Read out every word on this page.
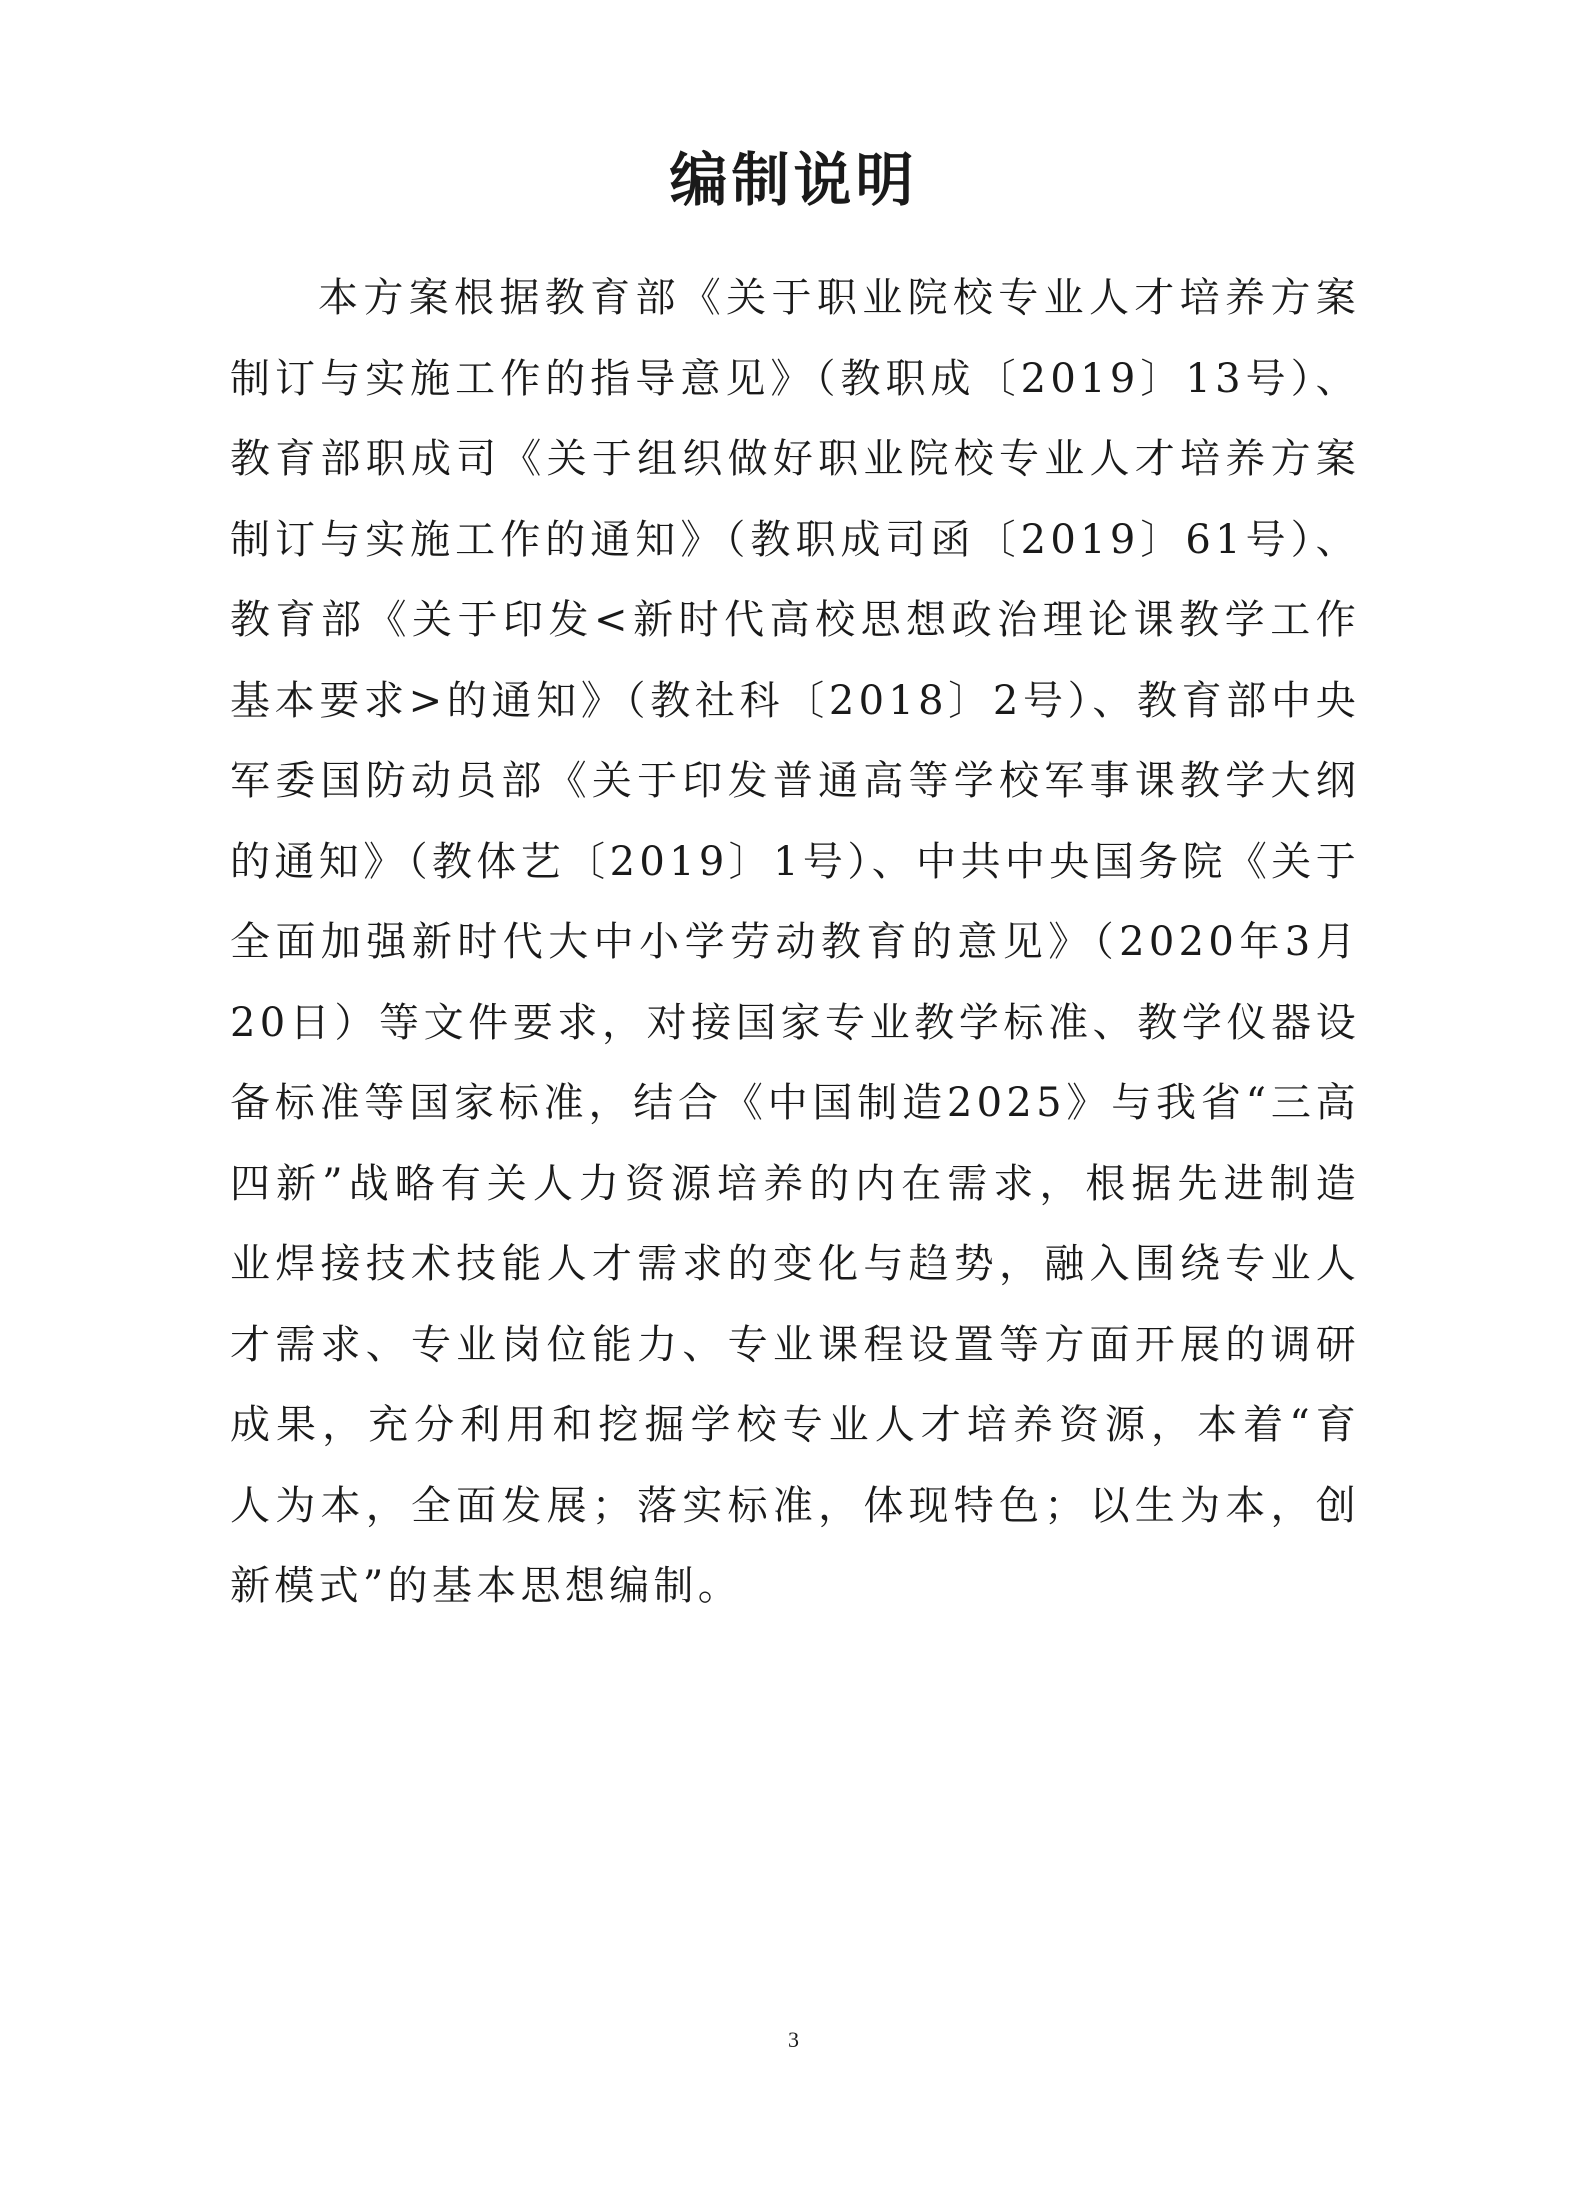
编制说明

本方案根据教育部《关于职业院校专业人才培养方案制订与实施工作的指导意见》（教职成〔2019〕13号）、教育部职成司《关于组织做好职业院校专业人才培养方案制订与实施工作的通知》（教职成司函〔2019〕61号）、教育部《关于印发<新时代高校思想政治理论课教学工作基本要求>的通知》（教社科〔2018〕2号）、教育部中央军委国防动员部《关于印发普通高等学校军事课教学大纲的通知》（教体艺〔2019〕1号）、中共中央国务院《关于全面加强新时代大中小学劳动教育的意见》（2020年3月20日）等文件要求，对接国家专业教学标准、教学仪器设备标准等国家标准，结合《中国制造2025》与我省“三高四新”战略有关人力资源培养的内在需求，根据先进制造业焊接技术技能人才需求的变化与趋势，融入围绕专业人才需求、专业岗位能力、专业课程设置等方面开展的调研成果，充分利用和挖掘学校专业人才培养资源，本着“育人为本，全面发展；落实标准，体现特色；以生为本，创新模式”的基本思想编制。

3
